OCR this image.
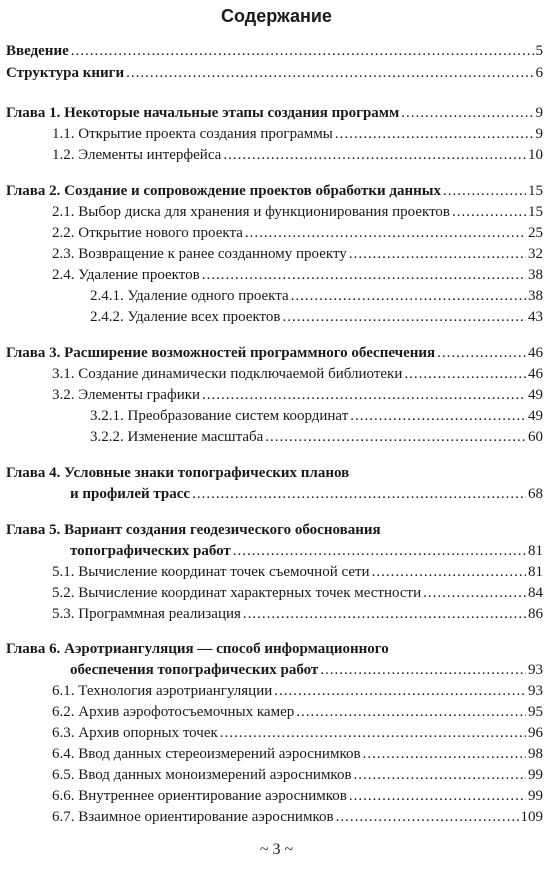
Содержание
Введение .....	5
Структура книги .....	6
Глава 1. Некоторые начальные этапы создания программ .....	9
1.1. Открытие проекта создания программы .....	9
1.2. Элементы интерфейса .....	10
Глава 2. Создание и сопровождение проектов обработки данных .....	15
2.1. Выбор диска для хранения и функционирования проектов .....	15
2.2. Открытие нового проекта .....	25
2.3. Возвращение к ранее созданному проекту .....	32
2.4. Удаление проектов .....	38
2.4.1. Удаление одного проекта .....	38
2.4.2. Удаление всех проектов .....	43
Глава 3. Расширение возможностей программного обеспечения .....	46
3.1. Создание динамически подключаемой библиотеки .....	46
3.2. Элементы графики .....	49
3.2.1. Преобразование систем координат .....	49
3.2.2. Изменение масштаба .....	60
Глава 4. Условные знаки топографических планов
и профилей трасс .....	68
Глава 5. Вариант создания геодезического обоснования
топографических работ .....	81
5.1. Вычисление координат точек съемочной сети .....	81
5.2. Вычисление координат характерных точек местности .....	84
5.3. Программная реализация .....	86
Глава 6. Аэротриангуляция — способ информационного
обеспечения топографических работ .....	93
6.1. Технология аэротриангуляции .....	93
6.2. Архив аэрофотосъемочных камер .....	95
6.3. Архив опорных точек .....	96
6.4. Ввод данных стереоизмерений аэроснимков .....	98
6.5. Ввод данных моноизмерений аэроснимков .....	99
6.6. Внутреннее ориентирование аэроснимков .....	99
6.7. Взаимное ориентирование аэроснимков .....	109
~ 3 ~
